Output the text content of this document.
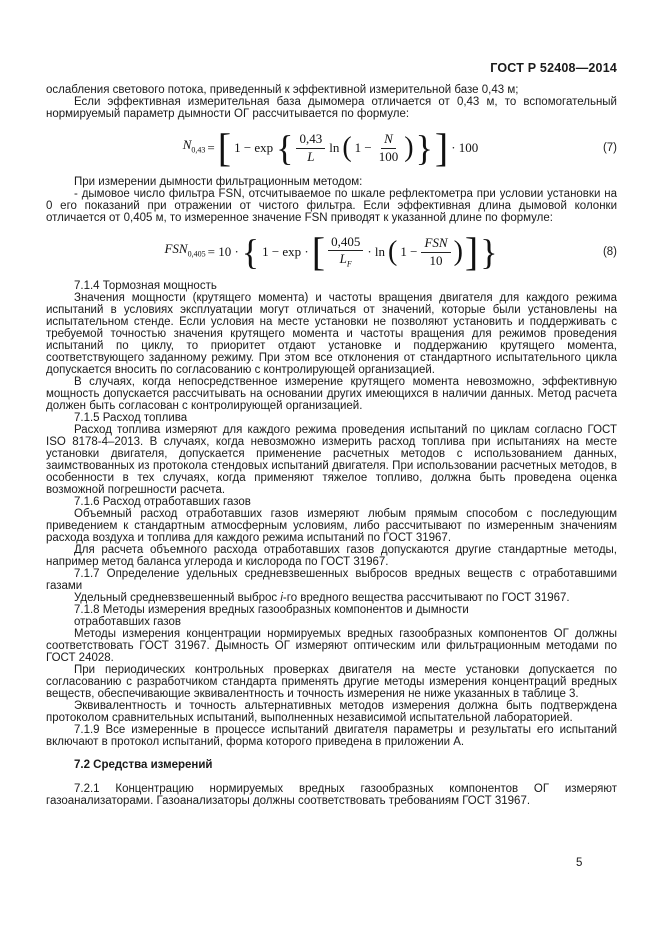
ГОСТ Р 52408—2014

ослабления светового потока, приведенный к эффективной измерительной базе 0,43 м;

Если эффективная измерительная база дымомера отличается от 0,43 м, то вспомогательный нормируемый параметр дымности ОГ рассчитывается по формуле:

$N_{0,43}$ = [ 1 − exp { $\frac{0,43}{L}$ ln ( $1 - \frac{N}{100}$ ) } ] · 100	(7)

При измерении дымности фильтрационным методом:

- дымовое число фильтра FSN, отсчитываемое по шкале рефлектометра при условии установки на 0 его показаний при отражении от чистого фильтра. Если эффективная длина дымовой колонки отличается от 0,405 м, то измеренное значение FSN приводят к указанной длине по формуле:

$FSN_{0,405} = 10$ · { 1 − exp · [ $\frac{0,405}{L_F} \cdot \ln$ ( $1 - \frac{\text{FSN}}{10}$ ) ] }	(8)

7.1.4 Тормозная мощность

Значения мощности (крутящего момента) и частоты вращения двигателя для каждого режима испытаний в условиях эксплуатации могут отличаться от значений, которые были установлены на испытательном стенде. Если условия на месте установки не позволяют установить и поддерживать с требуемой точностью значения крутящего момента и частоты вращения для режимов проведения испытаний по циклу, то приоритет отдают установке и поддержанию крутящего момента, соответствующего заданному режиму. При этом все отклонения от стандартного испытательного цикла допускается вносить по согласованию с контролирующей организацией.

В случаях, когда непосредственное измерение крутящего момента невозможно, эффективную мощность допускается рассчитывать на основании других имеющихся в наличии данных. Метод расчета должен быть согласован с контролирующей организацией.

7.1.5 Расход топлива

Расход топлива измеряют для каждого режима проведения испытаний по циклам согласно ГОСТ ISO 8178-4–2013. В случаях, когда невозможно измерить расход топлива при испытаниях на месте установки двигателя, допускается применение расчетных методов с использованием данных, заимствованных из протокола стендовых испытаний двигателя. При использовании расчетных методов, в особенности в тех случаях, когда применяют тяжелое топливо, должна быть проведена оценка возможной погрешности расчета.

7.1.6 Расход отработавших газов

Объемный расход отработавших газов измеряют любым прямым способом с последующим приведением к стандартным атмосферным условиям, либо рассчитывают по измеренным значениям расхода воздуха и топлива для каждого режима испытаний по ГОСТ 31967.

Для расчета объемного расхода отработавших газов допускаются другие стандартные методы, например метод баланса углерода и кислорода по ГОСТ 31967.

7.1.7 Определение удельных средневзвешенных выбросов вредных веществ с отработавшими газами

Удельный средневзвешенный выброс i-го вредного вещества рассчитывают по ГОСТ 31967.

7.1.8 Методы измерения вредных газообразных компонентов и дымности

отработавших газов

Методы измерения концентрации нормируемых вредных газообразных компонентов ОГ должны соответствовать ГОСТ 31967. Дымность ОГ измеряют оптическим или фильтрационным методами по ГОСТ 24028.

При периодических контрольных проверках двигателя на месте установки допускается по согласованию с разработчиком стандарта применять другие методы измерения концентраций вредных веществ, обеспечивающие эквивалентность и точность измерения не ниже указанных в таблице 3.

Эквивалентность и точность альтернативных методов измерения должна быть подтверждена протоколом сравнительных испытаний, выполненных независимой испытательной лабораторией.

7.1.9 Все измеренные в процессе испытаний двигателя параметры и результаты его испытаний включают в протокол испытаний, форма которого приведена в приложении А.

7.2 Средства измерений

7.2.1 Концентрацию нормируемых вредных газообразных компонентов ОГ измеряют газоанализаторами. Газоанализаторы должны соответствовать требованиям ГОСТ 31967.

5
